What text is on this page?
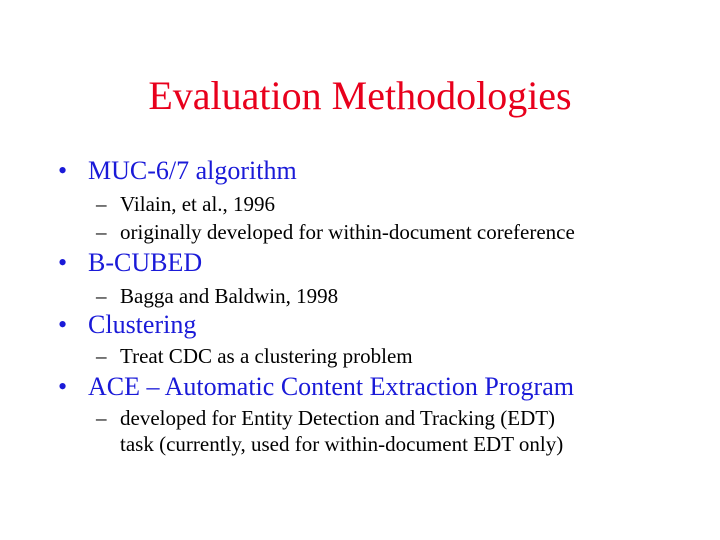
Evaluation Methodologies
• MUC-6/7 algorithm
– Vilain, et al., 1996
– originally developed for within-document coreference
• B-CUBED
– Bagga and Baldwin, 1998
• Clustering
– Treat CDC as a clustering problem
• ACE – Automatic Content Extraction Program
– developed for Entity Detection and Tracking (EDT)
task (currently, used for within-document EDT only)
